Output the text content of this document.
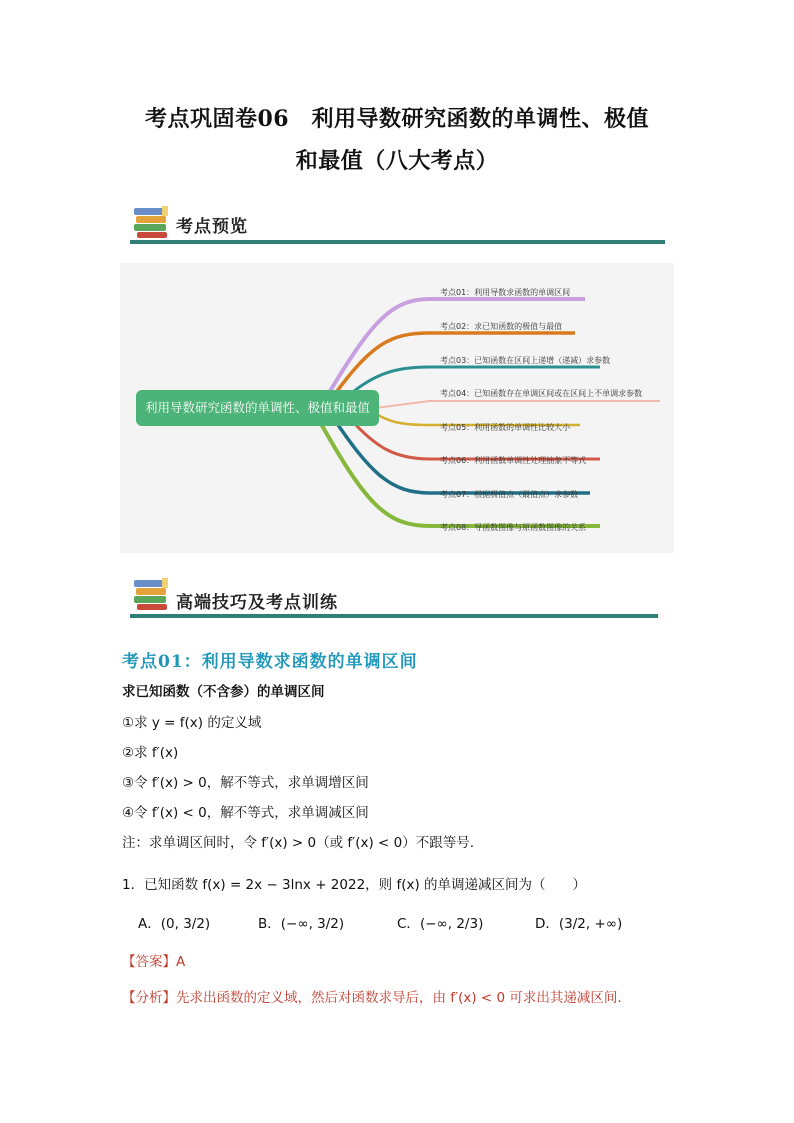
考点巩固卷06　利用导数研究函数的单调性、极值
和最值（八大考点）
考点预览
利用导数研究函数的单调性、极值和最值
考点01：利用导数求函数的单调区间
考点02：求已知函数的极值与最值
考点03：已知函数在区间上递增（递减）求参数
考点04：已知函数存在单调区间或在区间上不单调求参数
考点05：利用函数的单调性比较大小
考点06：利用函数单调性处理抽象不等式
考点07：根据极值点（最值点）求参数
考点08：导函数图像与原函数图像的关系
高端技巧及考点训练
考点01：利用导数求函数的单调区间
求已知函数（不含参）的单调区间
①求 y = f(x) 的定义域
②求 f′(x)
③令 f′(x) > 0，解不等式，求单调增区间
④令 f′(x) < 0，解不等式，求单调减区间
注：求单调区间时，令 f′(x) > 0（或 f′(x) < 0）不跟等号.
1．已知函数 f(x) = 2x − 3lnx + 2022，则 f(x) 的单调递减区间为（　　）
A．(0, 3/2)	B．(−∞, 3/2)	C．(−∞, 2/3)	D．(3/2, +∞)
【答案】A
【分析】先求出函数的定义域，然后对函数求导后，由 f′(x) < 0 可求出其递减区间.
